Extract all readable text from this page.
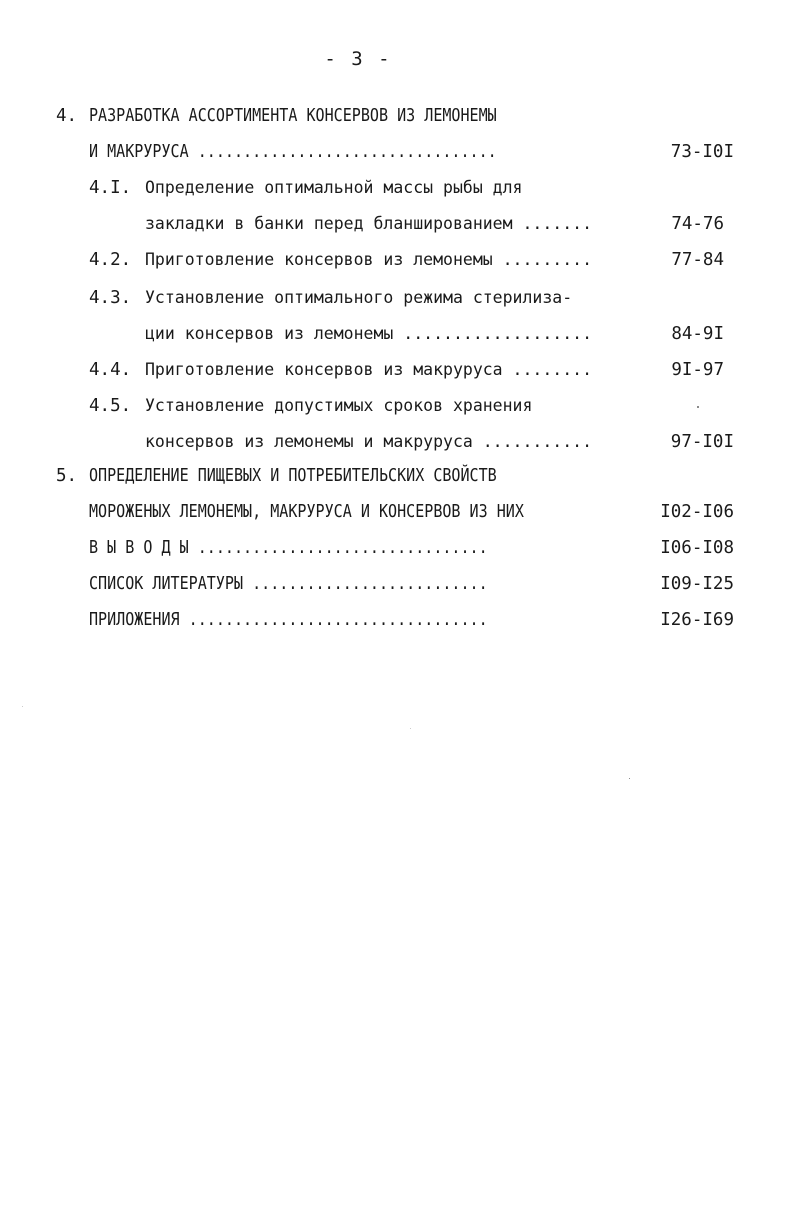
- 3 -
4. РАЗРАБОТКА АССОРТИМЕНТА КОНСЕРВОВ ИЗ ЛЕМОНЕМЫ
И МАКРУРУСА .................................	73-I0I
4.I. Определение оптимальной массы рыбы для
закладки в банки перед бланшированием .......	74-76
4.2. Приготовление консервов из лемонемы .........	77-84
4.3. Установление оптимального режима стерилиза-
ции консервов из лемонемы ...................	84-9I
4.4. Приготовление консервов из макруруса ........	9I-97
4.5. Установление допустимых сроков хранения
консервов из лемонемы и макруруса ...........	97-I0I
5. ОПРЕДЕЛЕНИЕ ПИЩЕВЫХ И ПОТРЕБИТЕЛЬСКИХ СВОЙСТВ
МОРОЖЕНЫХ ЛЕМОНЕМЫ, МАКРУРУСА И КОНСЕРВОВ ИЗ НИХ	I02-I06
В Ы В О Д Ы ................................	I06-I08
СПИСОК ЛИТЕРАТУРЫ ..........................	I09-I25
ПРИЛОЖЕНИЯ .................................	I26-I69
